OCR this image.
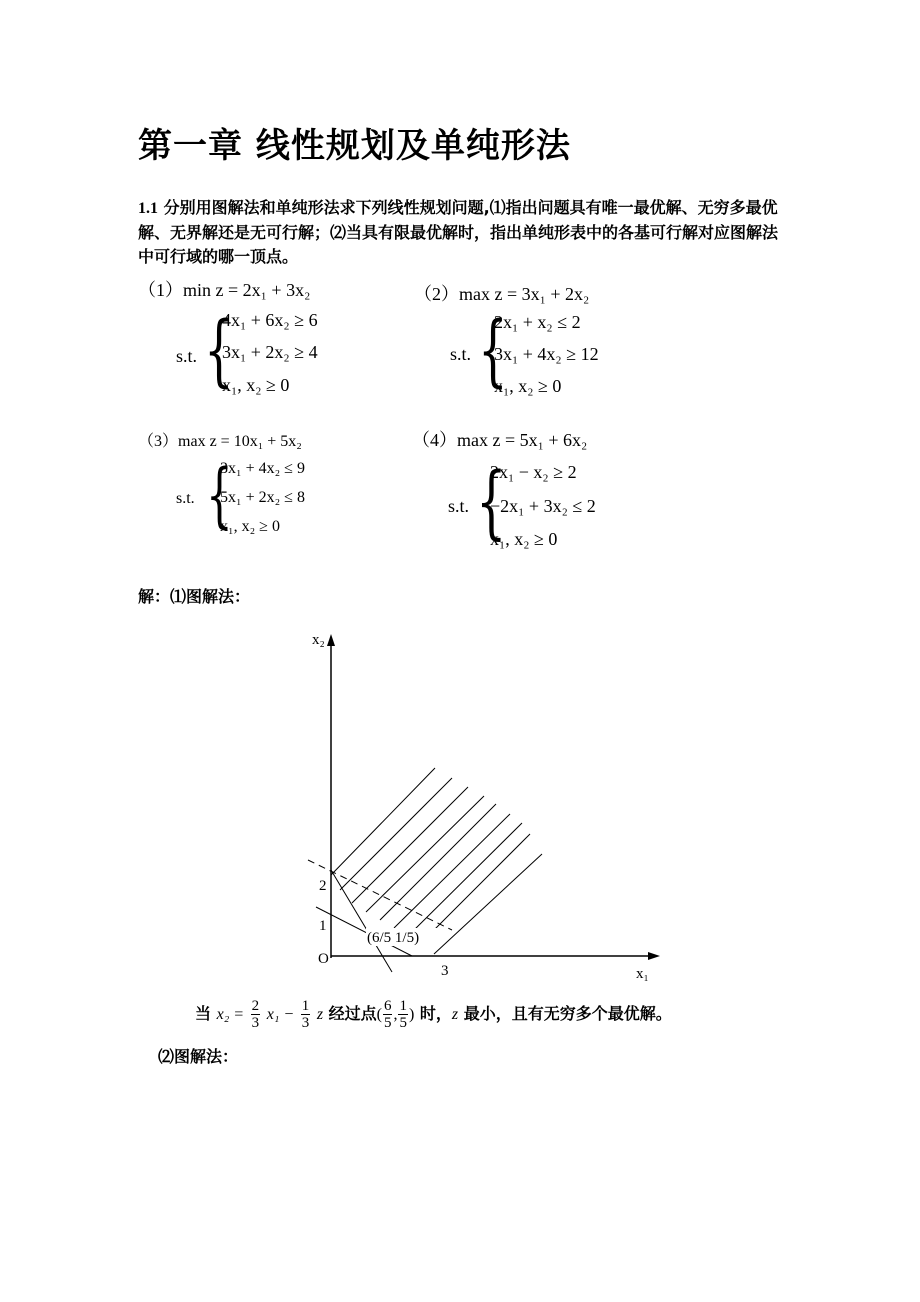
第一章 线性规划及单纯形法
1.1 分别用图解法和单纯形法求下列线性规划问题,⑴指出问题具有唯一最优解、无穷多最优解、无界解还是无可行解；⑵当具有限最优解时，指出单纯形表中的各基可行解对应图解法中可行域的哪一顶点。
（1）min z = 2x₁ + 3x₂
s.t. {
4x₁ + 6x₂ ≥ 6
3x₁ + 2x₂ ≥ 4
x₁, x₂ ≥ 0
（2）max z = 3x₁ + 2x₂
s.t. {
2x₁ + x₂ ≤ 2
3x₁ + 4x₂ ≥ 12
x₁, x₂ ≥ 0
（3）max z = 10x₁ + 5x₂
s.t. {
3x₁ + 4x₂ ≤ 9
5x₁ + 2x₂ ≤ 8
x₁, x₂ ≥ 0
（4）max z = 5x₁ + 6x₂
s.t. {
2x₁ − x₂ ≥ 2
−2x₁ + 3x₂ ≤ 2
x₁, x₂ ≥ 0
解：⑴图解法：
x₂
x₁
O
1
2
3
(6/5 1/5)
当 $x_2 = \frac{2}{3} x_1 - \frac{1}{3}$ z 经过点( $\frac{6}{5}$ , $\frac{1}{5}$ ) 时，z 最小，且有无穷多个最优解。
⑵图解法：
